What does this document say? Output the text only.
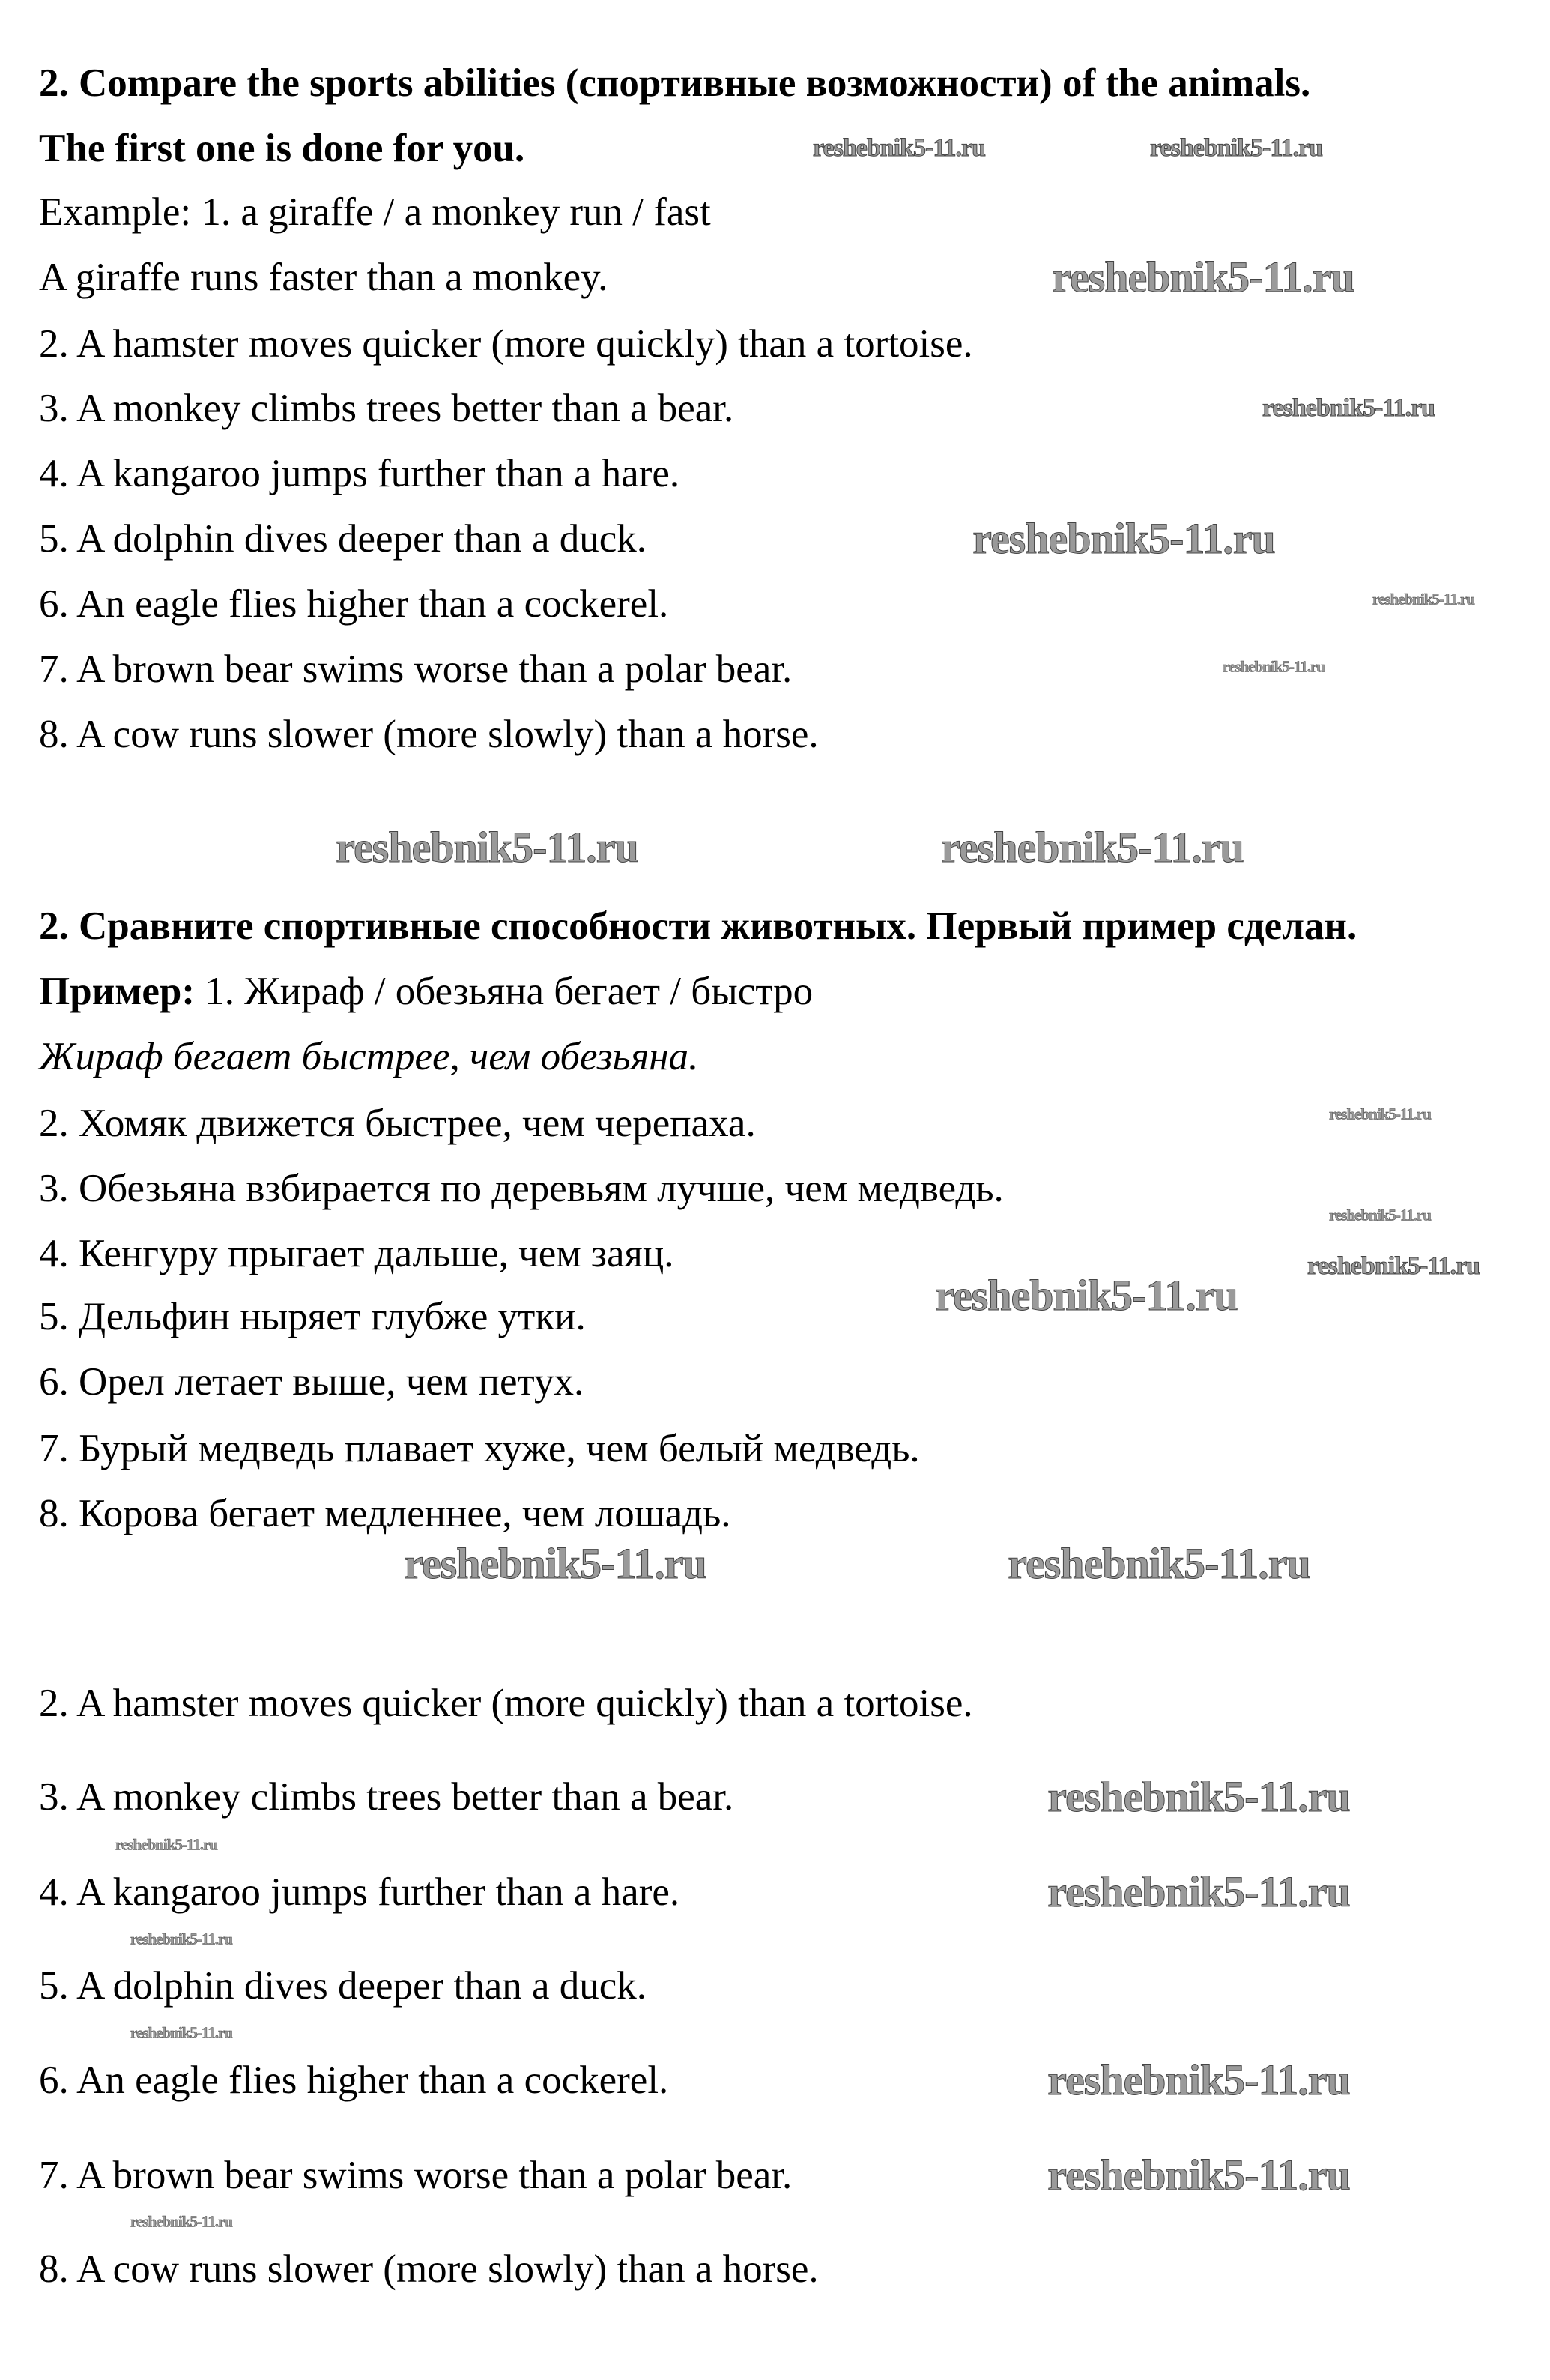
2. Compare the sports abilities (спортивные возможности) of the animals.
The first one is done for you.
Example: 1. a giraffe / a monkey run / fast
A giraffe runs faster than a monkey.
2. A hamster moves quicker (more quickly) than a tortoise.
3. A monkey climbs trees better than a bear.
4. A kangaroo jumps further than a hare.
5. A dolphin dives deeper than a duck.
6. An eagle flies higher than a cockerel.
7. A brown bear swims worse than a polar bear.
8. A cow runs slower (more slowly) than a horse.
2. Сравните спортивные способности животных. Первый пример сделан.
Пример: 1. Жираф / обезьяна бегает / быстро
Жираф бегает быстрее, чем обезьяна.
2. Хомяк движется быстрее, чем черепаха.
3. Обезьяна взбирается по деревьям лучше, чем медведь.
4. Кенгуру прыгает дальше, чем заяц.
5. Дельфин ныряет глубже утки.
6. Орел летает выше, чем петух.
7. Бурый медведь плавает хуже, чем белый медведь.
8. Корова бегает медленнее, чем лошадь.
2. A hamster moves quicker (more quickly) than a tortoise.
3. A monkey climbs trees better than a bear.
4. A kangaroo jumps further than a hare.
5. A dolphin dives deeper than a duck.
6. An eagle flies higher than a cockerel.
7. A brown bear swims worse than a polar bear.
8. A cow runs slower (more slowly) than a horse.
reshebnik5-11.ru
reshebnik5-11.ru
reshebnik5-11.ru
reshebnik5-11.ru
reshebnik5-11.ru
reshebnik5-11.ru	reshebnik5-11.ru
reshebnik5-11.ru
reshebnik5-11.ru
reshebnik5-11.ru
reshebnik5-11.ru
reshebnik5-11.ru	reshebnik5-11.ru
reshebnik5-11.ru
reshebnik5-11.ru
reshebnik5-11.ru
reshebnik5-11.ru
reshebnik5-11.ru
reshebnik5-11.ru
reshebnik5-11.ru
reshebnik5-11.ru
reshebnik5-11.ru
reshebnik5-11.ru
